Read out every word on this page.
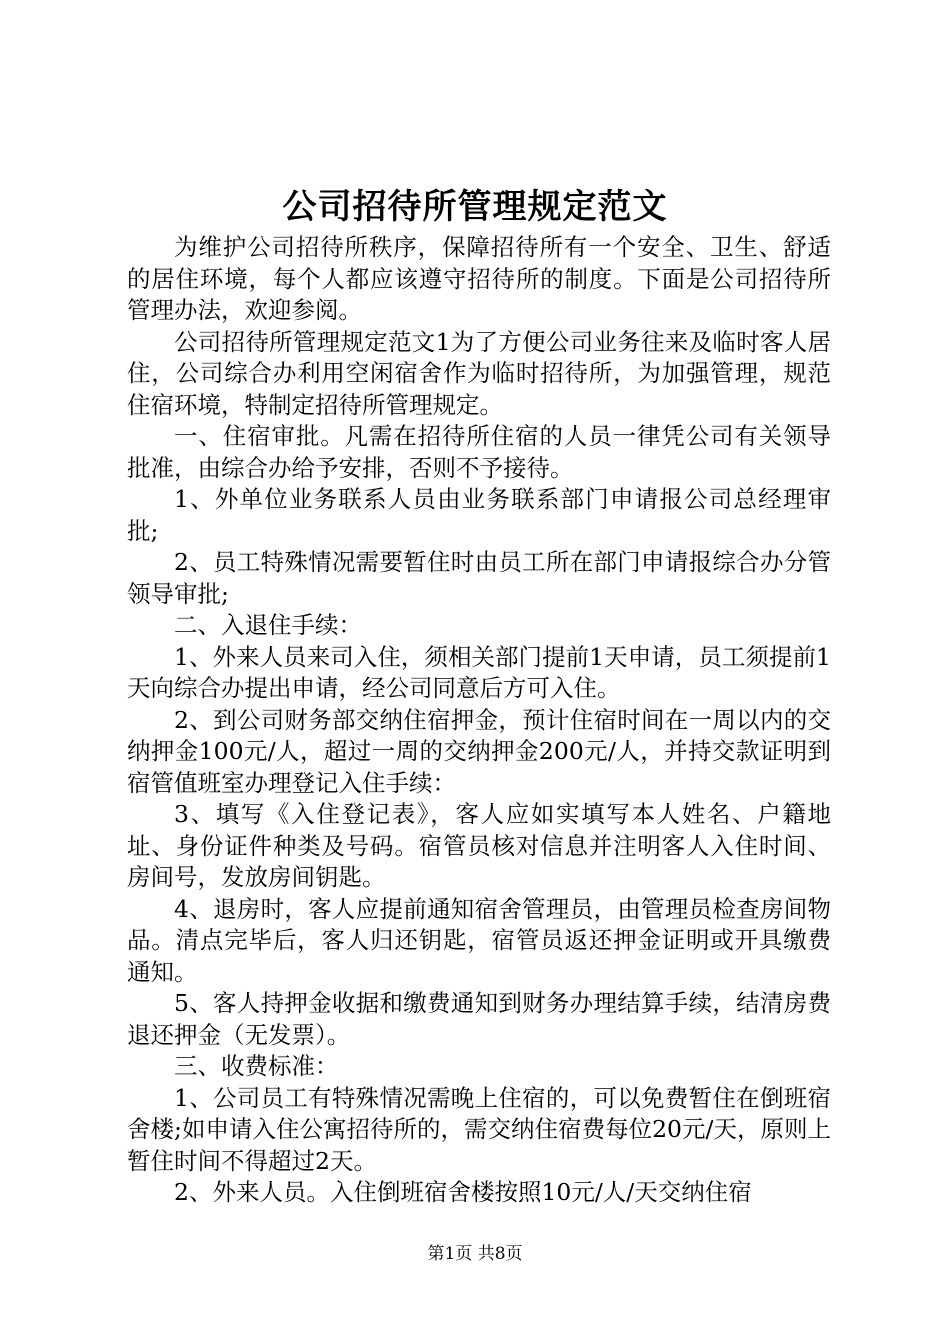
公司招待所管理规定范文

为维护公司招待所秩序，保障招待所有一个安全、卫生、舒适的居住环境，每个人都应该遵守招待所的制度。下面是公司招待所管理办法，欢迎参阅。

公司招待所管理规定范文1为了方便公司业务往来及临时客人居住，公司综合办利用空闲宿舍作为临时招待所，为加强管理，规范住宿环境，特制定招待所管理规定。

一、住宿审批。凡需在招待所住宿的人员一律凭公司有关领导批准，由综合办给予安排，否则不予接待。

1、外单位业务联系人员由业务联系部门申请报公司总经理审批;

2、员工特殊情况需要暂住时由员工所在部门申请报综合办分管领导审批;

二、入退住手续：

1、外来人员来司入住，须相关部门提前1天申请，员工须提前1天向综合办提出申请，经公司同意后方可入住。

2、到公司财务部交纳住宿押金，预计住宿时间在一周以内的交纳押金100元/人，超过一周的交纳押金200元/人，并持交款证明到宿管值班室办理登记入住手续：

3、填写《入住登记表》，客人应如实填写本人姓名、户籍地址、身份证件种类及号码。宿管员核对信息并注明客人入住时间、房间号，发放房间钥匙。

4、退房时，客人应提前通知宿舍管理员，由管理员检查房间物品。清点完毕后，客人归还钥匙，宿管员返还押金证明或开具缴费通知。

5、客人持押金收据和缴费通知到财务办理结算手续，结清房费退还押金（无发票）。

三、收费标准：

1、公司员工有特殊情况需晚上住宿的，可以免费暂住在倒班宿舍楼;如申请入住公寓招待所的，需交纳住宿费每位20元/天，原则上暂住时间不得超过2天。

2、外来人员。入住倒班宿舍楼按照10元/人/天交纳住宿

第1页 共8页
